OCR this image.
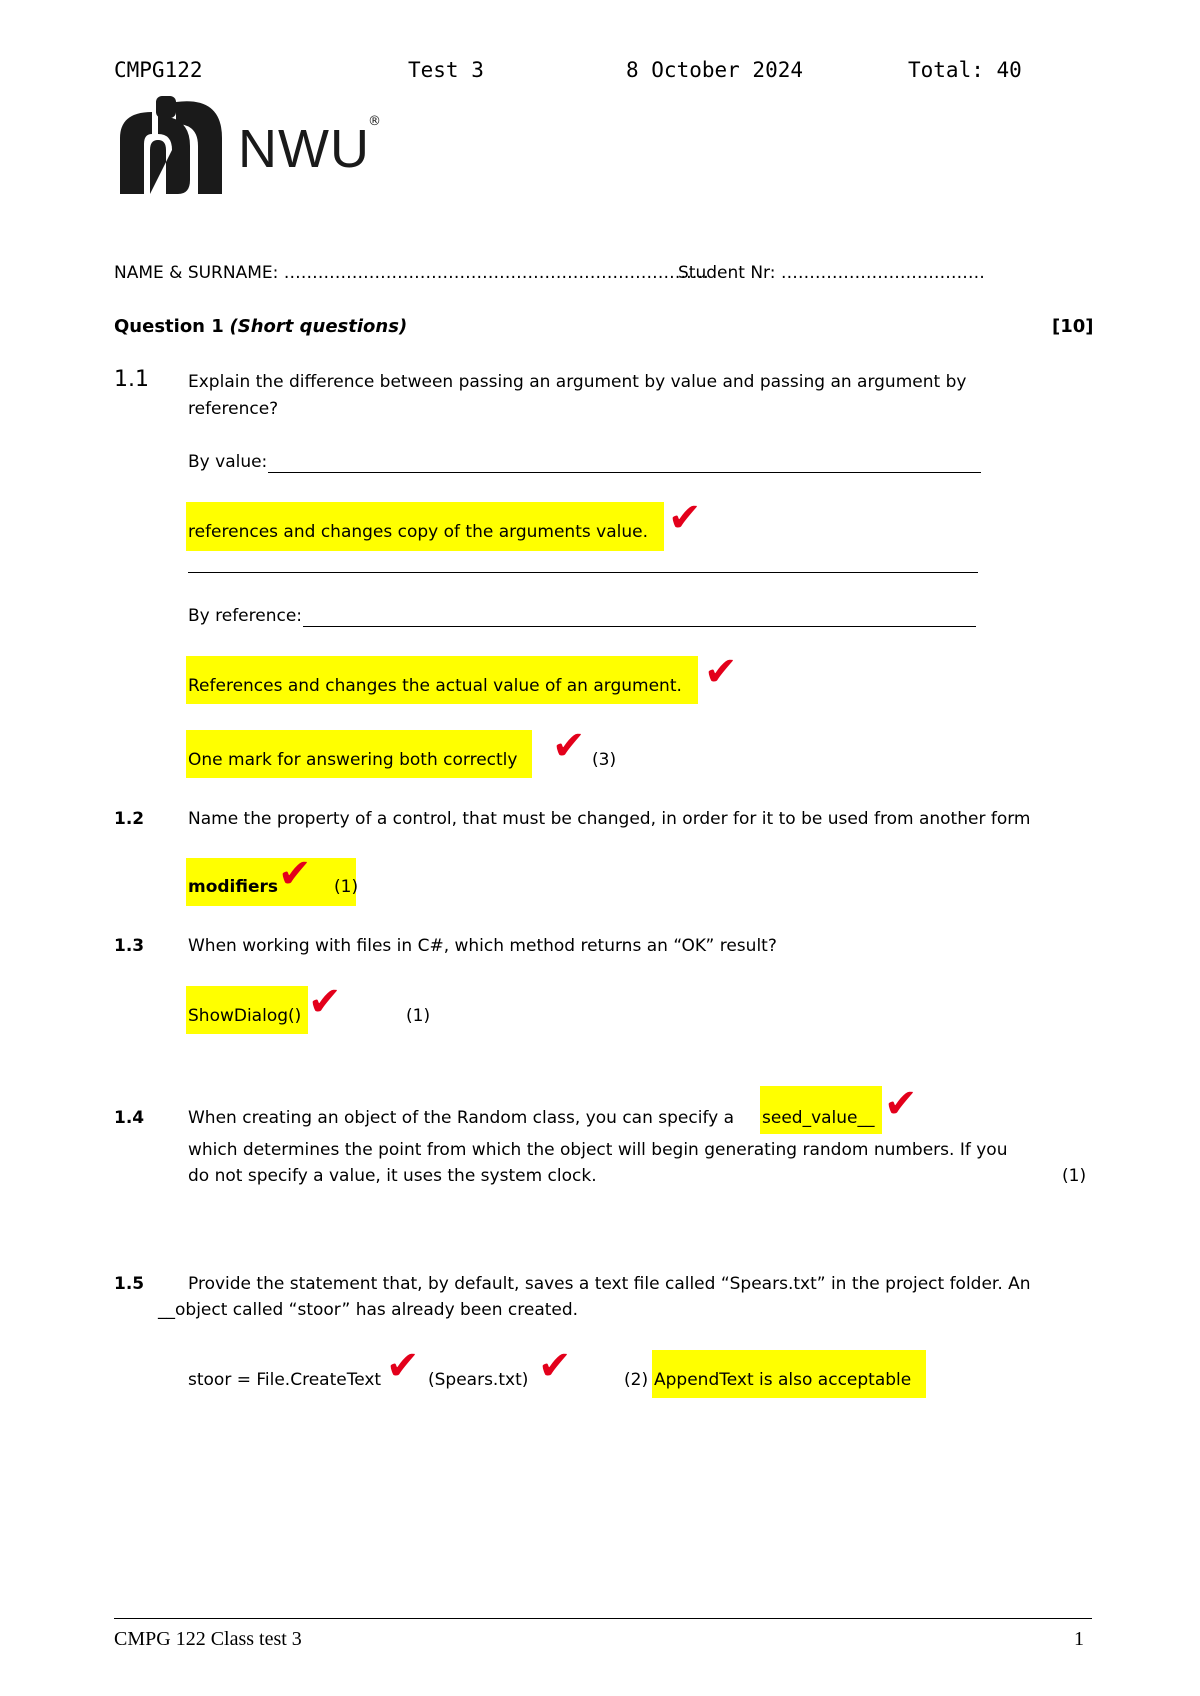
CMPG122	Test 3	8 October 2024	Total: 40
NWU
®
NAME & SURNAME: …………………………………………………………………
Student Nr: ………………………………
Question 1 (Short questions)	[10]
1.1 Explain the difference between passing an argument by value and passing an argument by
reference?
By value:
references and changes copy of the arguments value. ✔
By reference:
References and changes the actual value of an argument. ✔
One mark for answering both correctly ✔ (3)
1.2	Name the property of a control, that must be changed, in order for it to be used from another form
modifiers ✔ (1)
1.3	When working with files in C#, which method returns an “OK” result?
ShowDialog() ✔	(1)
1.4	When creating an object of the Random class, you can specify a seed_value__ ✔
which determines the point from which the object will begin generating random numbers. If you
do not specify a value, it uses the system clock.	(1)
1.5	Provide the statement that, by default, saves a text file called “Spears.txt” in the project folder. An
__object called “stoor” has already been created.
stoor = File.CreateText ✔ (Spears.txt) ✔	(2) AppendText is also acceptable
CMPG 122 Class test 3	1
